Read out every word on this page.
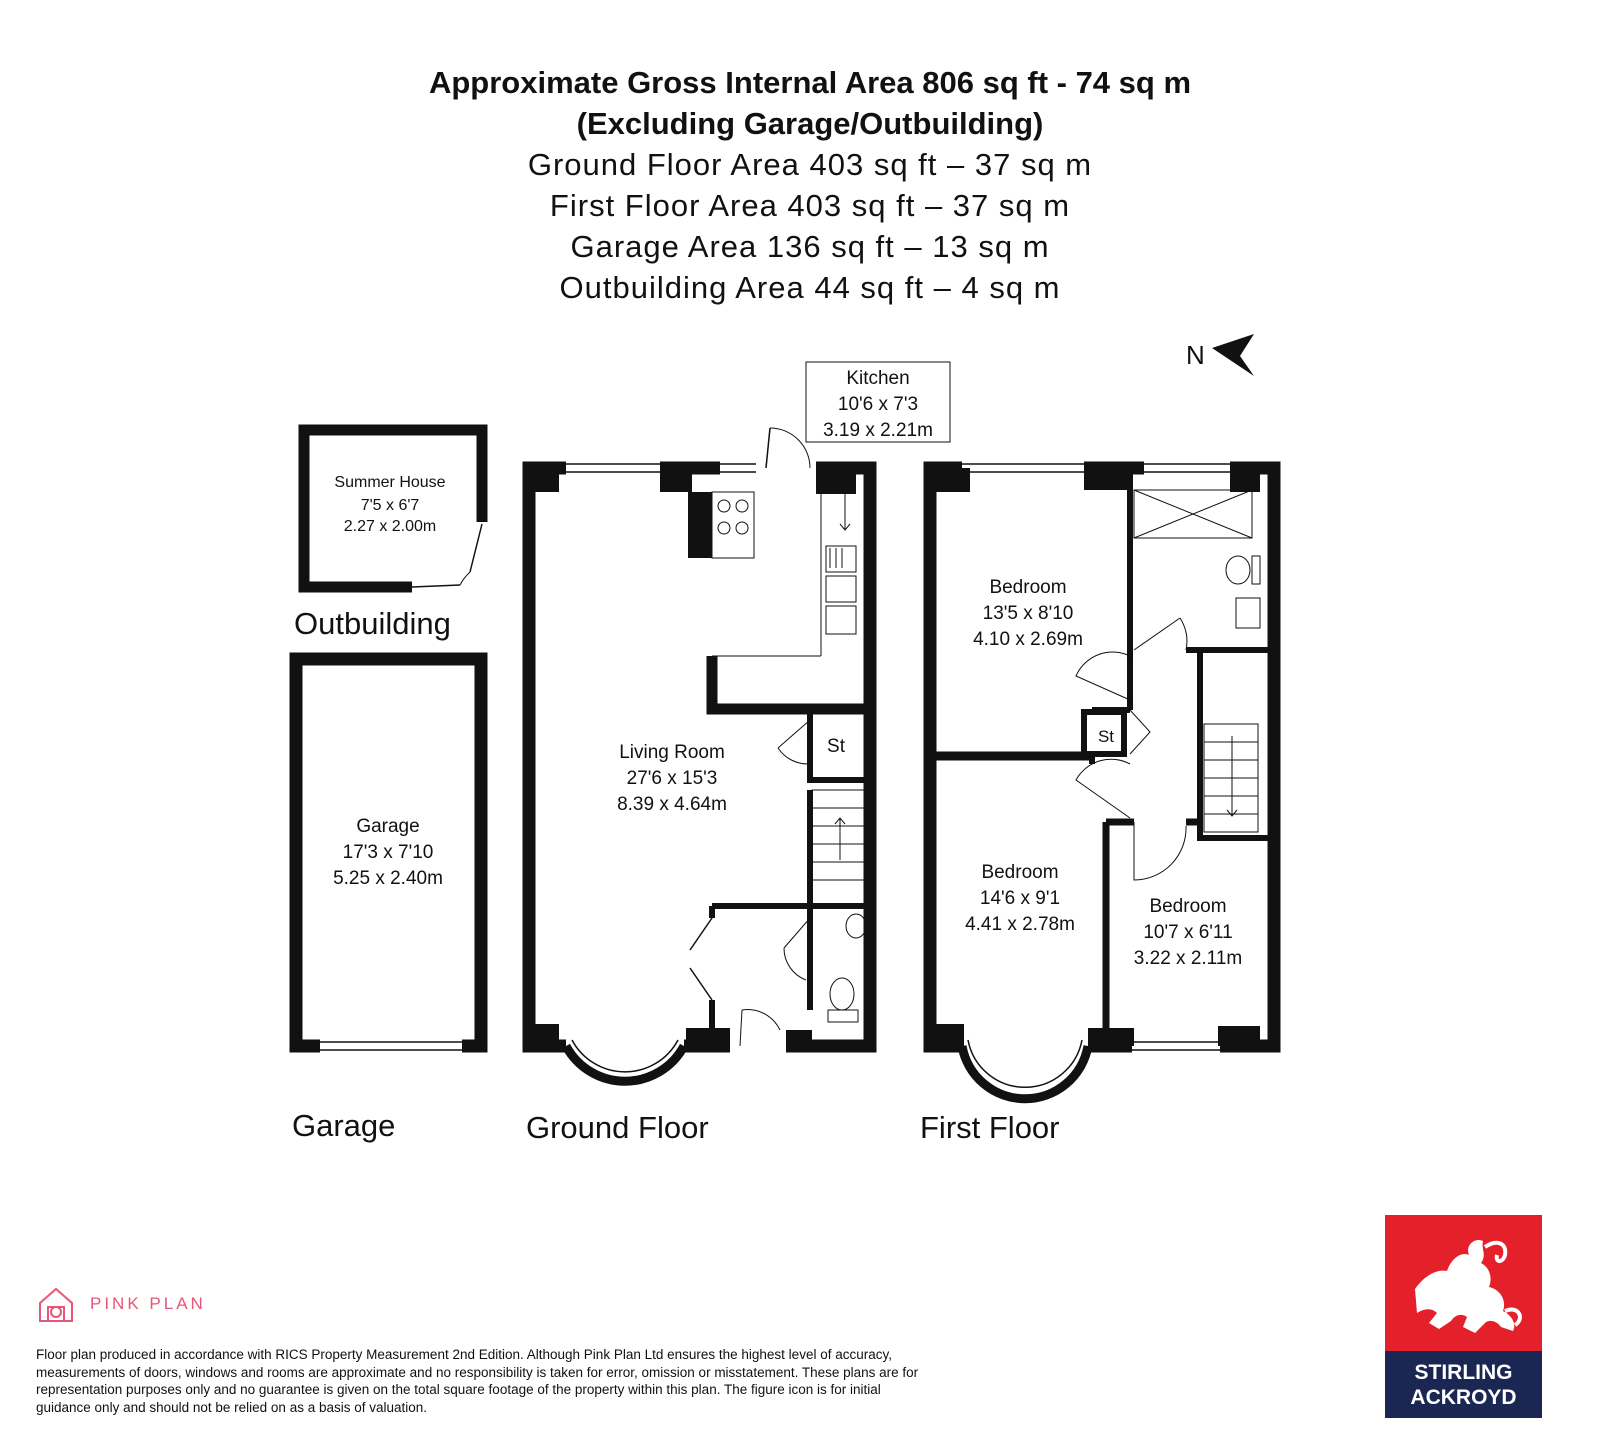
Approximate Gross Internal Area 806 sq ft - 74 sq m
(Excluding Garage/Outbuilding)
Ground Floor Area 403 sq ft – 37 sq m
First Floor Area 403 sq ft – 37 sq m
Garage Area 136 sq ft – 13 sq m
Outbuilding Area 44 sq ft – 4 sq m
N
Summer House
7'5 x 6'7
2.27 x 2.00m
Outbuilding
Garage
17'3 x 7'10
5.25 x 2.40m
Garage
Kitchen
10'6 x 7'3
3.19 x 2.21m
Living Room
27'6 x 15'3
8.39 x 4.64m
St
Ground Floor
St
Bedroom
13'5 x 8'10
4.10 x 2.69m
Bedroom
14'6 x 9'1
4.41 x 2.78m
Bedroom
10'7 x 6'11
3.22 x 2.11m
First Floor
PINK PLAN
Floor plan produced in accordance with RICS Property Measurement 2nd Edition. Although Pink Plan Ltd ensures the highest level of accuracy, measurements of doors, windows and rooms are approximate and no responsibility is taken for error, omission or misstatement. These plans are for representation purposes only and no guarantee is given on the total square footage of the property within this plan. The figure icon is for initial guidance only and should not be relied on as a basis of valuation.
STIRLING
ACKROYD
